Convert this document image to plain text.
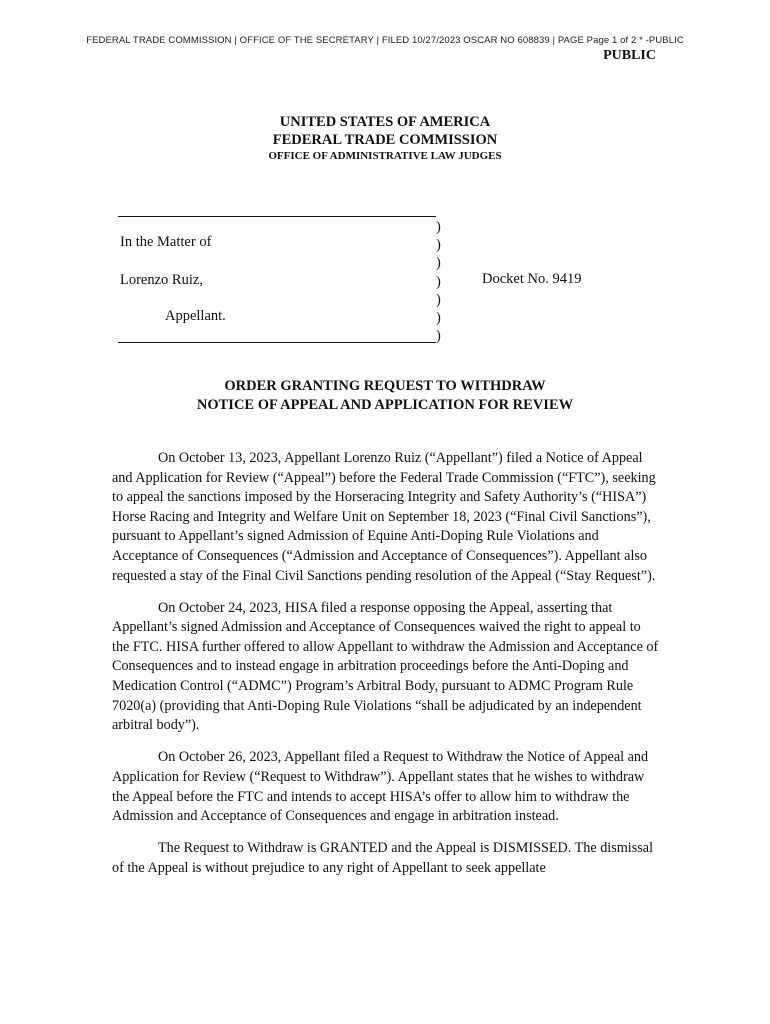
FEDERAL TRADE COMMISSION | OFFICE OF THE SECRETARY | FILED 10/27/2023 OSCAR NO 608839 | PAGE Page 1 of 2 * -PUBLIC
PUBLIC
UNITED STATES OF AMERICA
FEDERAL TRADE COMMISSION
OFFICE OF ADMINISTRATIVE LAW JUDGES
In the Matter of
Lorenzo Ruiz,
Appellant.
)
)
)
)
)
)
)
Docket No. 9419
ORDER GRANTING REQUEST TO WITHDRAW
NOTICE OF APPEAL AND APPLICATION FOR REVIEW

On October 13, 2023, Appellant Lorenzo Ruiz (“Appellant”) filed a Notice of Appeal and Application for Review (“Appeal”) before the Federal Trade Commission (“FTC”), seeking to appeal the sanctions imposed by the Horseracing Integrity and Safety Authority’s (“HISA”) Horse Racing and Integrity and Welfare Unit on September 18, 2023 (“Final Civil Sanctions”), pursuant to Appellant’s signed Admission of Equine Anti-Doping Rule Violations and Acceptance of Consequences (“Admission and Acceptance of Consequences”). Appellant also requested a stay of the Final Civil Sanctions pending resolution of the Appeal (“Stay Request”).

On October 24, 2023, HISA filed a response opposing the Appeal, asserting that Appellant’s signed Admission and Acceptance of Consequences waived the right to appeal to the FTC. HISA further offered to allow Appellant to withdraw the Admission and Acceptance of Consequences and to instead engage in arbitration proceedings before the Anti-Doping and Medication Control (“ADMC”) Program’s Arbitral Body, pursuant to ADMC Program Rule 7020(a) (providing that Anti-Doping Rule Violations “shall be adjudicated by an independent arbitral body”).

On October 26, 2023, Appellant filed a Request to Withdraw the Notice of Appeal and Application for Review (“Request to Withdraw”). Appellant states that he wishes to withdraw the Appeal before the FTC and intends to accept HISA’s offer to allow him to withdraw the Admission and Acceptance of Consequences and engage in arbitration instead.

The Request to Withdraw is GRANTED and the Appeal is DISMISSED. The dismissal of the Appeal is without prejudice to any right of Appellant to seek appellate
